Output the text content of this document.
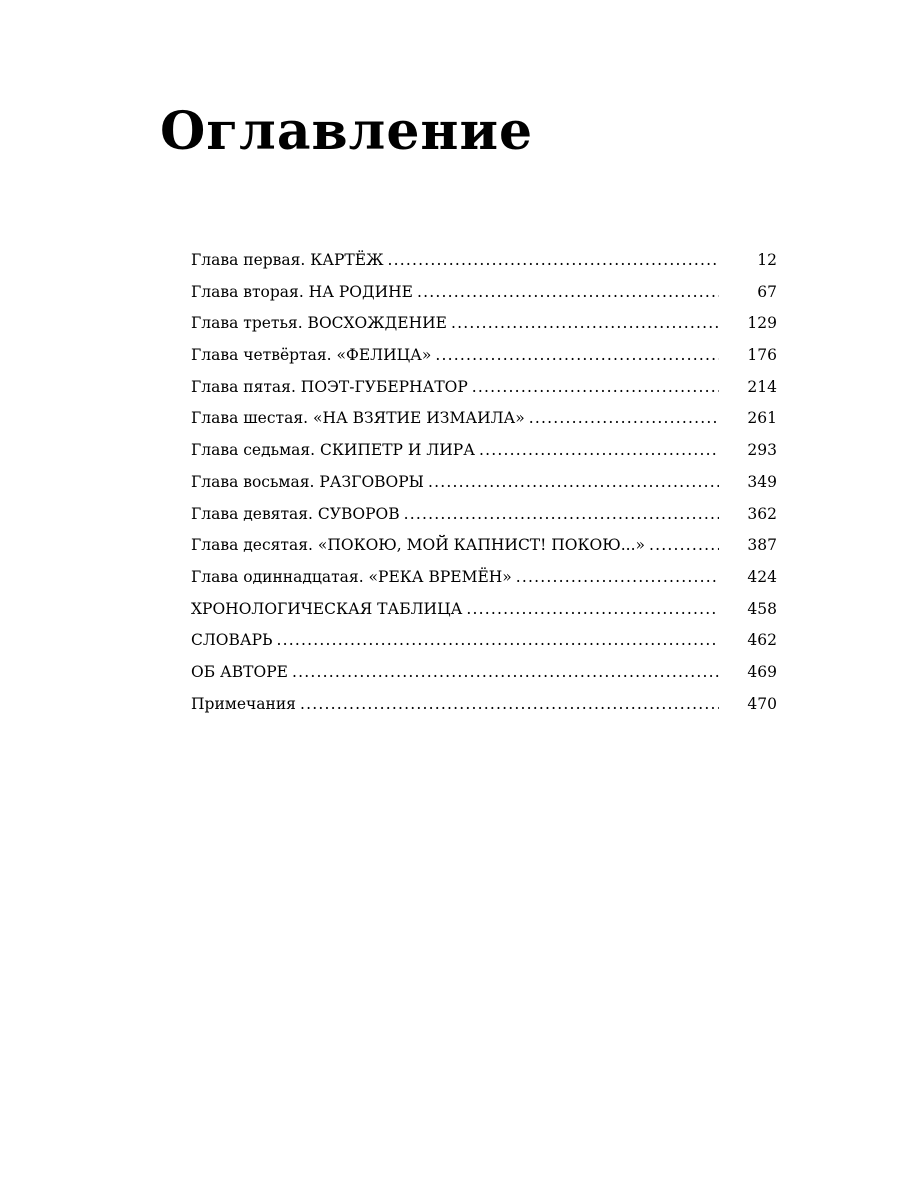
Оглавление
Глава первая. КАРТЁЖ .....	12
Глава вторая. НА РОДИНЕ .....	67
Глава третья. ВОСХОЖДЕНИЕ .....	129
Глава четвёртая. «ФЕЛИЦА» .....	176
Глава пятая. ПОЭТ-ГУБЕРНАТОР .....	214
Глава шестая. «НА ВЗЯТИЕ ИЗМАИЛА» .....	261
Глава седьмая. СКИПЕТР И ЛИРА .....	293
Глава восьмая. РАЗГОВОРЫ .....	349
Глава девятая. СУВОРОВ .....	362
Глава десятая. «ПОКОЮ, МОЙ КАПНИСТ! ПОКОЮ...» .....	387
Глава одиннадцатая. «РЕКА ВРЕМЁН» .....	424
ХРОНОЛОГИЧЕСКАЯ ТАБЛИЦА .....	458
СЛОВАРЬ .....	462
ОБ АВТОРЕ .....	469
Примечания .....	470
